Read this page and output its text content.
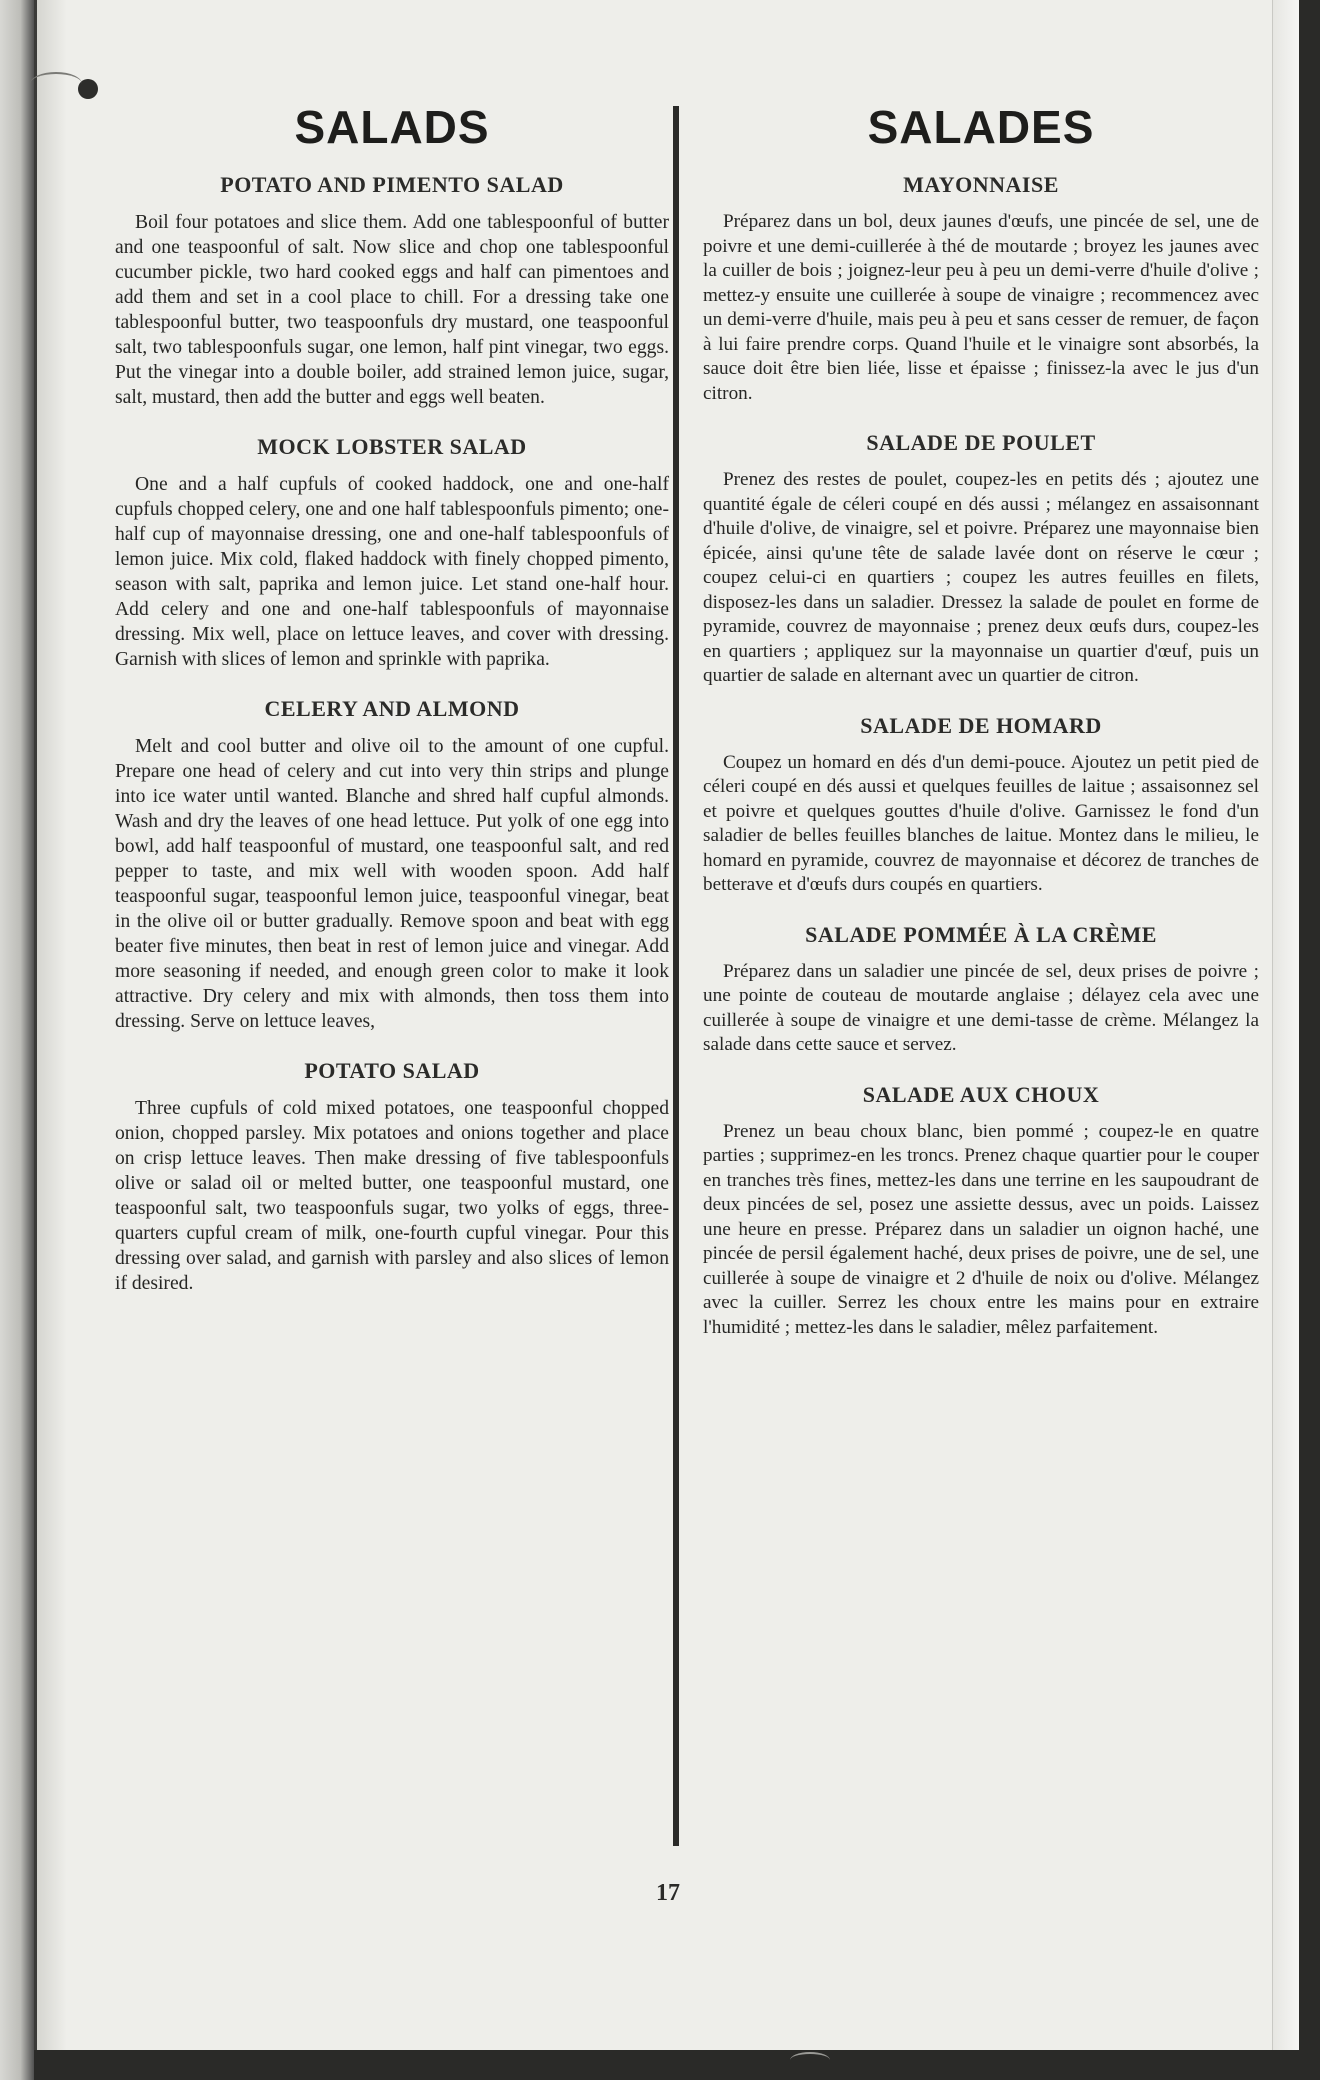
SALADS
POTATO AND PIMENTO SALAD

Boil four potatoes and slice them. Add one tablespoonful of butter and one teaspoonful of salt. Now slice and chop one tablespoonful cucumber pickle, two hard cooked eggs and half can pimentoes and add them and set in a cool place to chill. For a dressing take one tablespoonful butter, two teaspoonfuls dry mustard, one teaspoonful salt, two tablespoonfuls sugar, one lemon, half pint vinegar, two eggs. Put the vinegar into a double boiler, add strained lemon juice, sugar, salt, mustard, then add the butter and eggs well beaten.

MOCK LOBSTER SALAD

One and a half cupfuls of cooked haddock, one and one-half cupfuls chopped celery, one and one half tablespoonfuls pimento; one-half cup of mayonnaise dressing, one and one-half tablespoonfuls of lemon juice. Mix cold, flaked haddock with finely chopped pimento, season with salt, paprika and lemon juice. Let stand one-half hour. Add celery and one and one-half tablespoonfuls of mayonnaise dressing. Mix well, place on lettuce leaves, and cover with dressing. Garnish with slices of lemon and sprinkle with paprika.

CELERY AND ALMOND

Melt and cool butter and olive oil to the amount of one cupful. Prepare one head of celery and cut into very thin strips and plunge into ice water until wanted. Blanche and shred half cupful almonds. Wash and dry the leaves of one head lettuce. Put yolk of one egg into bowl, add half teaspoonful of mustard, one teaspoonful salt, and red pepper to taste, and mix well with wooden spoon. Add half teaspoonful sugar, teaspoonful lemon juice, teaspoonful vinegar, beat in the olive oil or butter gradually. Remove spoon and beat with egg beater five minutes, then beat in rest of lemon juice and vinegar. Add more seasoning if needed, and enough green color to make it look attractive. Dry celery and mix with almonds, then toss them into dressing. Serve on lettuce leaves,

POTATO SALAD

Three cupfuls of cold mixed potatoes, one teaspoonful chopped onion, chopped parsley. Mix potatoes and onions together and place on crisp lettuce leaves. Then make dressing of five tablespoonfuls olive or salad oil or melted butter, one teaspoonful mustard, one teaspoonful salt, two teaspoonfuls sugar, two yolks of eggs, three-quarters cupful cream of milk, one-fourth cupful vinegar. Pour this dressing over salad, and garnish with parsley and also slices of lemon if desired.

SALADES
MAYONNAISE

Préparez dans un bol, deux jaunes d'œufs, une pincée de sel, une de poivre et une demi-cuillerée à thé de moutarde ; broyez les jaunes avec la cuiller de bois ; joignez-leur peu à peu un demi-verre d'huile d'olive ; mettez-y ensuite une cuillerée à soupe de vinaigre ; recommencez avec un demi-verre d'huile, mais peu à peu et sans cesser de remuer, de façon à lui faire prendre corps. Quand l'huile et le vinaigre sont absorbés, la sauce doit être bien liée, lisse et épaisse ; finissez-la avec le jus d'un citron.

SALADE DE POULET

Prenez des restes de poulet, coupez-les en petits dés ; ajoutez une quantité égale de céleri coupé en dés aussi ; mélangez en assaisonnant d'huile d'olive, de vinaigre, sel et poivre. Préparez une mayonnaise bien épicée, ainsi qu'une tête de salade lavée dont on réserve le cœur ; coupez celui-ci en quartiers ; coupez les autres feuilles en filets, disposez-les dans un saladier. Dressez la salade de poulet en forme de pyramide, couvrez de mayonnaise ; prenez deux œufs durs, coupez-les en quartiers ; appliquez sur la mayonnaise un quartier d'œuf, puis un quartier de salade en alternant avec un quartier de citron.

SALADE DE HOMARD

Coupez un homard en dés d'un demi-pouce. Ajoutez un petit pied de céleri coupé en dés aussi et quelques feuilles de laitue ; assaisonnez sel et poivre et quelques gouttes d'huile d'olive. Garnissez le fond d'un saladier de belles feuilles blanches de laitue. Montez dans le milieu, le homard en pyramide, couvrez de mayonnaise et décorez de tranches de betterave et d'œufs durs coupés en quartiers.

SALADE POMMÉE À LA CRÈME

Préparez dans un saladier une pincée de sel, deux prises de poivre ; une pointe de couteau de moutarde anglaise ; délayez cela avec une cuillerée à soupe de vinaigre et une demi-tasse de crème. Mélangez la salade dans cette sauce et servez.

SALADE AUX CHOUX

Prenez un beau choux blanc, bien pommé ; coupez-le en quatre parties ; supprimez-en les troncs. Prenez chaque quartier pour le couper en tranches très fines, mettez-les dans une terrine en les saupoudrant de deux pincées de sel, posez une assiette dessus, avec un poids. Laissez une heure en presse. Préparez dans un saladier un oignon haché, une pincée de persil également haché, deux prises de poivre, une de sel, une cuillerée à soupe de vinaigre et 2 d'huile de noix ou d'olive. Mélangez avec la cuiller. Serrez les choux entre les mains pour en extraire l'humidité ; mettez-les dans le saladier, mêlez parfaitement.

17
